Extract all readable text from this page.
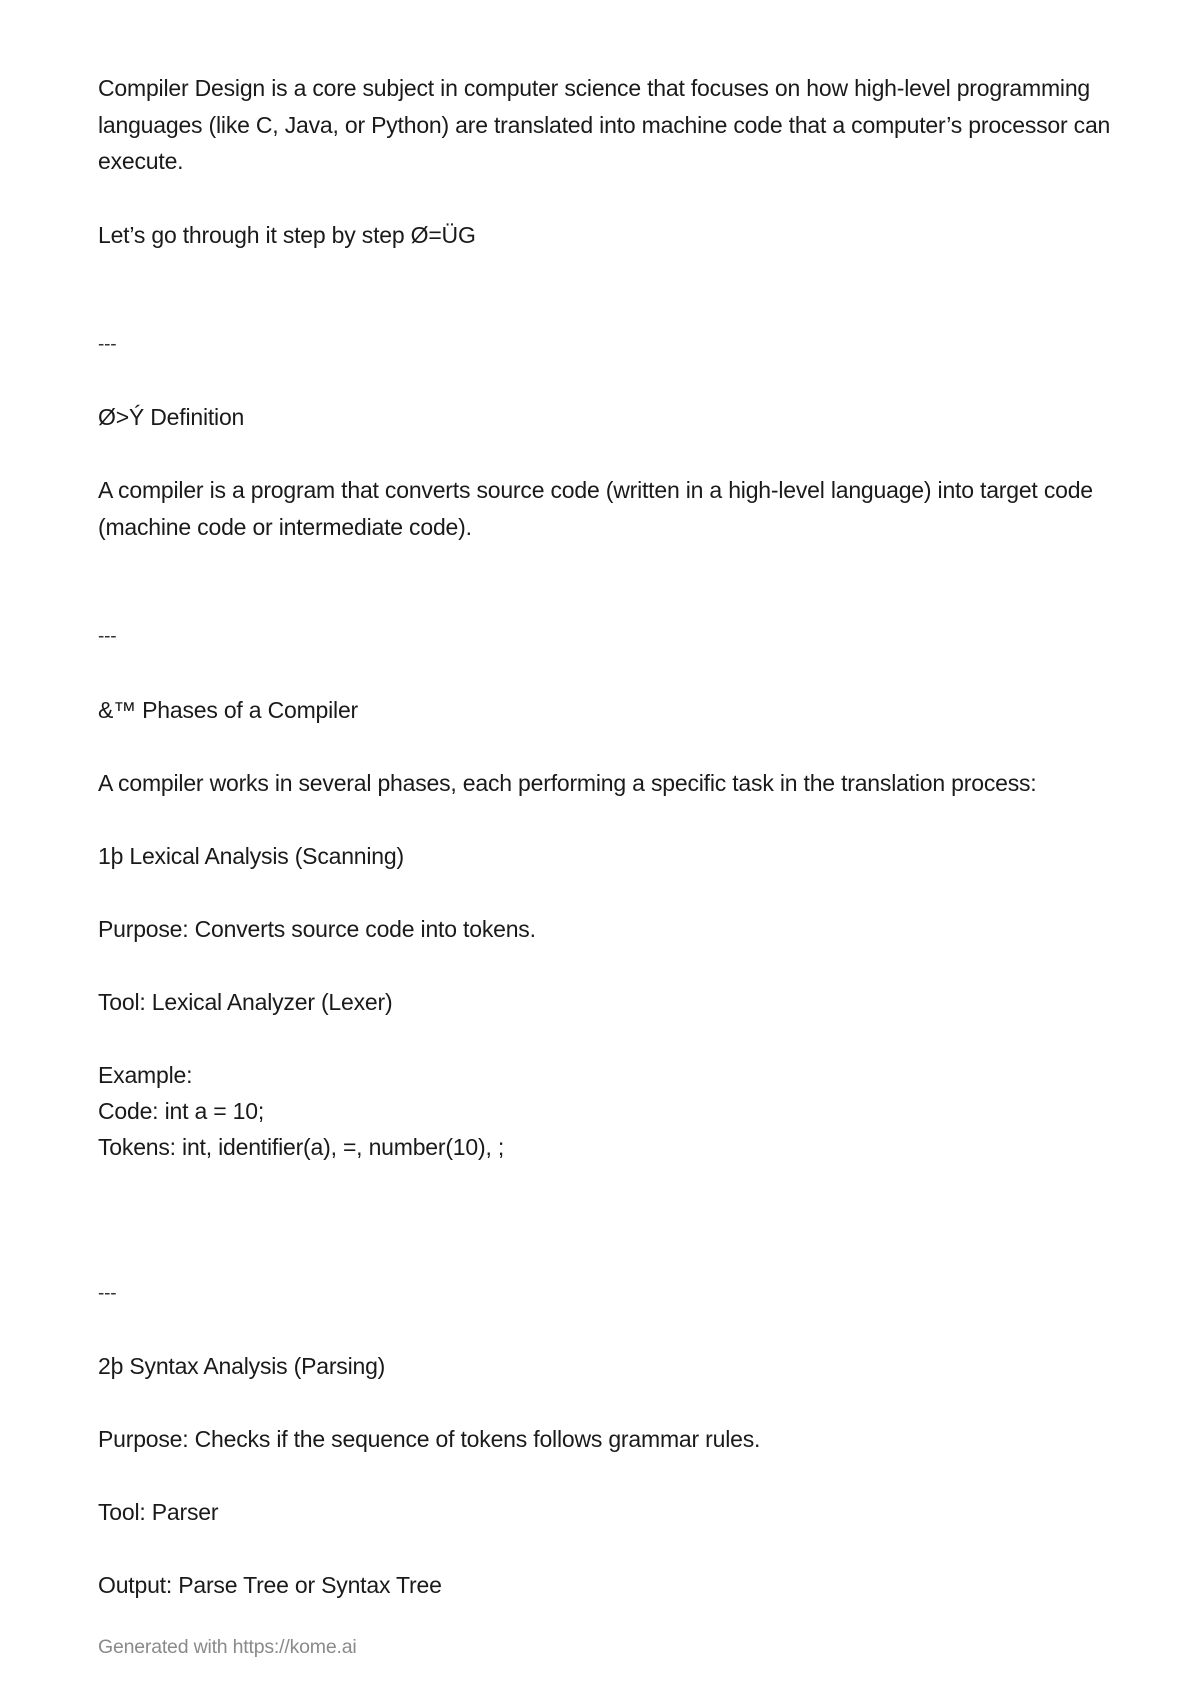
Compiler Design is a core subject in computer science that focuses on how high-level programming languages (like C, Java, or Python) are translated into machine code that a computer’s processor can execute.

Let’s go through it step by step Ø=ÜG
---
Ø>Ý Definition

A compiler is a program that converts source code (written in a high-level language) into target code (machine code or intermediate code).

---
&™ Phases of a Compiler
A compiler works in several phases, each performing a specific task in the translation process:
1þ Lexical Analysis (Scanning)
Purpose: Converts source code into tokens.
Tool: Lexical Analyzer (Lexer)
Example:
Code: int a = 10;
Tokens: int, identifier(a), =, number(10), ;
---
2þ Syntax Analysis (Parsing)
Purpose: Checks if the sequence of tokens follows grammar rules.
Tool: Parser
Output: Parse Tree or Syntax Tree
Generated with https://kome.ai
